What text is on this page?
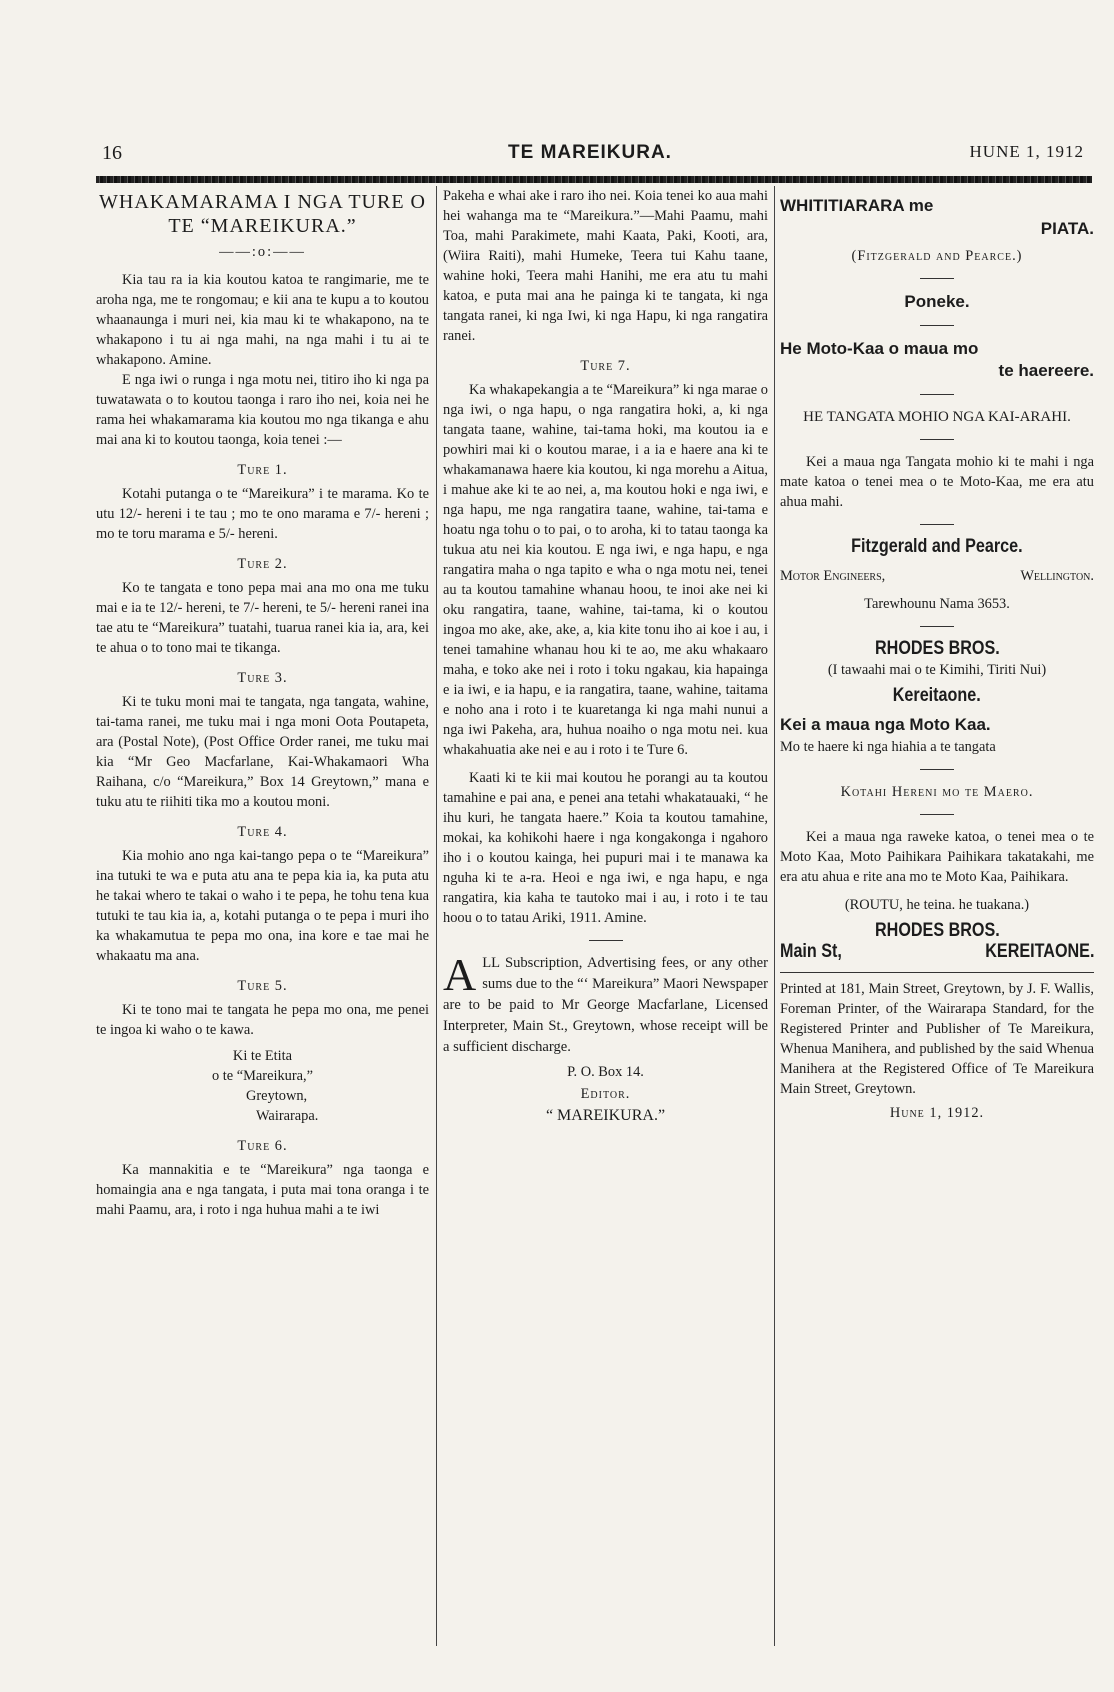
16	TE MAREIKURA.	HUNE 1, 1912
WHAKAMARAMA I NGA TURE O TE “MAREIKURA.”
——:o:——

Kia tau ra ia kia koutou katoa te rangimarie, me te aroha nga, me te rongomau; e kii ana te kupu a to koutou whaanaunga i muri nei, kia mau ki te whakapono, na te whakapono i tu ai nga mahi, na nga mahi i tu ai te whakapono. Amine.

E nga iwi o runga i nga motu nei, titiro iho ki nga pa tuwatawata o to koutou taonga i raro iho nei, koia nei he rama hei whakamarama kia koutou mo nga tikanga e ahu mai ana ki to koutou taonga, koia tenei :—

Ture 1.

Kotahi putanga o te “Mareikura” i te marama. Ko te utu 12/- hereni i te tau ; mo te ono marama e 7/- hereni ; mo te toru marama e 5/- hereni.

Ture 2.

Ko te tangata e tono pepa mai ana mo ona me tuku mai e ia te 12/- hereni, te 7/- hereni, te 5/- hereni ranei ina tae atu te “Mareikura” tuatahi, tuarua ranei kia ia, ara, kei te ahua o to tono mai te tikanga.

Ture 3.

Ki te tuku moni mai te tangata, nga tangata, wahine, tai-tama ranei, me tuku mai i nga moni Oota Poutapeta, ara (Postal Note), (Post Office Order ranei, me tuku mai kia “Mr Geo Macfarlane, Kai-Whakamaori Wha Raihana, c/o “Mareikura,” Box 14 Greytown,” mana e tuku atu te riihiti tika mo a koutou moni.

Ture 4.

Kia mohio ano nga kai-tango pepa o te “Mareikura” ina tutuki te wa e puta atu ana te pepa kia ia, ka puta atu he takai whero te takai o waho i te pepa, he tohu tena kua tutuki te tau kia ia, a, kotahi putanga o te pepa i muri iho ka whakamutua te pepa mo ona, ina kore e tae mai he whakaatu ma ana.

Ture 5.

Ki te tono mai te tangata he pepa mo ona, me penei te ingoa ki waho o te kawa.

Ki te Etita
o te “Mareikura,”
Greytown,
Wairarapa.
Ture 6.

Ka mannakitia e te “Mareikura” nga taonga e homaingia ana e nga tangata, i puta mai tona oranga i te mahi Paamu, ara, i roto i nga huhua mahi a te iwi

Pakeha e whai ake i raro iho nei. Koia tenei ko aua mahi hei wahanga ma te “Mareikura.”—Mahi Paamu, mahi Toa, mahi Parakimete, mahi Kaata, Paki, Kooti, ara, (Wiira Raiti), mahi Humeke, Teera tui Kahu taane, wahine hoki, Teera mahi Hanihi, me era atu tu mahi katoa, e puta mai ana he painga ki te tangata, ki nga tangata ranei, ki nga Iwi, ki nga Hapu, ki nga rangatira ranei.

Ture 7.

Ka whakapekangia a te “Mareikura” ki nga marae o nga iwi, o nga hapu, o nga rangatira hoki, a, ki nga tangata taane, wahine, tai-tama hoki, ma koutou ia e powhiri mai ki o koutou marae, i a ia e haere ana ki te whakamanawa haere kia koutou, ki nga morehu a Aitua, i mahue ake ki te ao nei, a, ma koutou hoki e nga iwi, e nga hapu, me nga rangatira taane, wahine, tai-tama e hoatu nga tohu o to pai, o to aroha, ki to tatau taonga ka tukua atu nei kia koutou. E nga iwi, e nga hapu, e nga rangatira maha o nga tapito e wha o nga motu nei, tenei au ta koutou tamahine whanau hoou, te inoi ake nei ki oku rangatira, taane, wahine, tai-tama, ki o koutou ingoa mo ake, ake, ake, a, kia kite tonu iho ai koe i au, i tenei tamahine whanau hou ki te ao, me aku whakaaro maha, e toko ake nei i roto i toku ngakau, kia hapainga e ia iwi, e ia hapu, e ia rangatira, taane, wahine, taitama e noho ana i roto i te kuaretanga ki nga mahi nunui a nga iwi Pakeha, ara, huhua noaiho o nga motu nei. kua whakahuatia ake nei e au i roto i te Ture 6.

Kaati ki te kii mai koutou he porangi au ta koutou tamahine e pai ana, e penei ana tetahi whakatauaki, “ he ihu kuri, he tangata haere.” Koia ta koutou tamahine, mokai, ka kohikohi haere i nga kongakonga i ngahoro iho i o koutou kainga, hei pupuri mai i te manawa ka nguha ki te a-ra. Heoi e nga iwi, e nga hapu, e nga rangatira, kia kaha te tautoko mai i au, i roto i te tau hoou o to tatau Ariki, 1911. Amine.

A LL Subscription, Advertising fees, or any other sums due to the “‘ Mareikura” Maori Newspaper are to be paid to Mr George Macfarlane, Licensed Interpreter, Main St., Greytown, whose receipt will be a sufficient discharge.
P. O. Box 14.
Editor.
“ MAREIKURA.”
WHITITIARARA me
PIATA.
(Fitzgerald and Pearce.)
Poneke.
He Moto-Kaa o maua mo
te haereere.
HE TANGATA MOHIO NGA KAI-ARAHI.

Kei a maua nga Tangata mohio ki te mahi i nga mate katoa o tenei mea o te Moto-Kaa, me era atu ahua mahi.

Fitzgerald and Pearce.
Motor Engineers,	Wellington.
Tarewhounu Nama 3653.
RHODES BROS.
(I tawaahi mai o te Kimihi, Tiriti Nui)
Kereitaone.
Kei a maua nga Moto Kaa.
Mo te haere ki nga hiahia a te tangata
Kotahi Hereni mo te Maero.

Kei a maua nga raweke katoa, o tenei mea o te Moto Kaa, Moto Paihikara Paihikara takatakahi, me era atu ahua e rite ana mo te Moto Kaa, Paihikara.

(ROUTU, he teina. he tuakana.)
RHODES BROS.
Main St,	KEREITAONE.

Printed at 181, Main Street, Greytown, by J. F. Wallis, Foreman Printer, of the Wairarapa Standard, for the Registered Printer and Publisher of Te Mareikura, Whenua Manihera, and published by the said Whenua Manihera at the Registered Office of Te Mareikura Main Street, Greytown.

Hune 1, 1912.
